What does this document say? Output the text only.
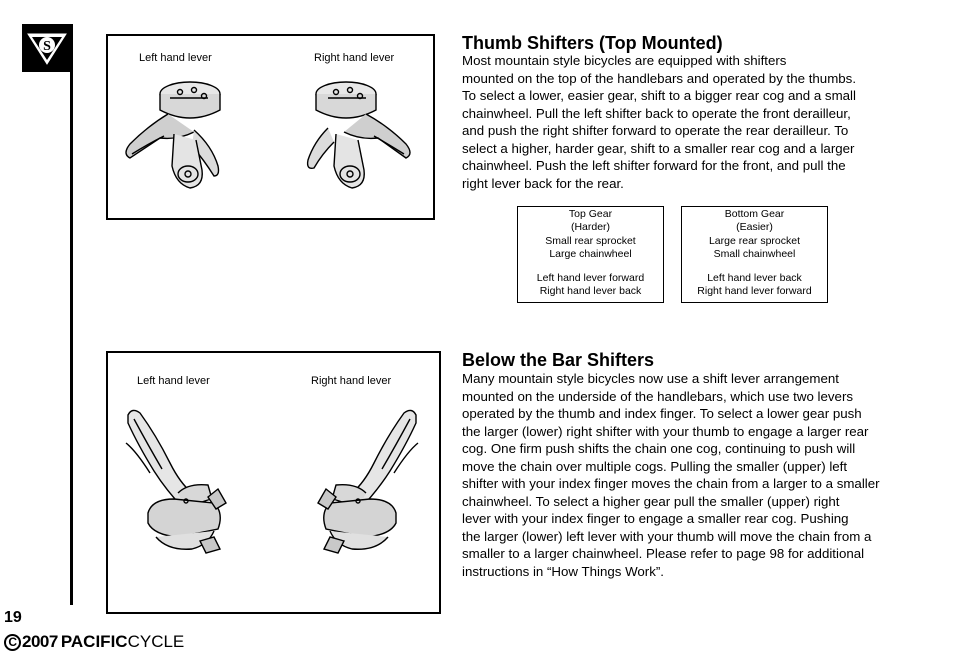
S
Left hand lever	Right hand lever
Thumb Shifters (Top Mounted)
Most mountain style bicycles are equipped with shifters
mounted on the top of the handlebars and operated by the thumbs.
To select a lower, easier gear, shift to a bigger rear cog and a small
chainwheel. Pull the left shifter back to operate the front derailleur,
and push the right shifter forward to operate the rear derailleur. To
select a higher, harder gear, shift to a smaller rear cog and a larger
chainwheel. Push the left shifter forward for the front, and pull the
right lever back for the rear.
Top Gear
(Harder)
Small rear sprocket
Large chainwheel
Left hand lever forward
Right hand lever back
Bottom Gear
(Easier)
Large rear sprocket
Small chainwheel
Left hand lever back
Right hand lever forward
Left hand lever	Right hand lever
Below the Bar Shifters
Many mountain style bicycles now use a shift lever arrangement
mounted on the underside of the handlebars, which use two levers
operated by the thumb and index finger. To select a lower gear push
the larger (lower) right shifter with your thumb to engage a larger rear
cog. One firm push shifts the chain one cog, continuing to push will
move the chain over multiple cogs. Pulling the smaller (upper) left
shifter with your index finger moves the chain from a larger to a smaller
chainwheel. To select a higher gear pull the smaller (upper) right
lever with your index finger to engage a smaller rear cog. Pushing
the larger (lower) left lever with your thumb will move the chain from a
smaller to a larger chainwheel. Please refer to page 98 for additional
instructions in “How Things Work”.
19
C 2007 PACIFIC CYCLE
